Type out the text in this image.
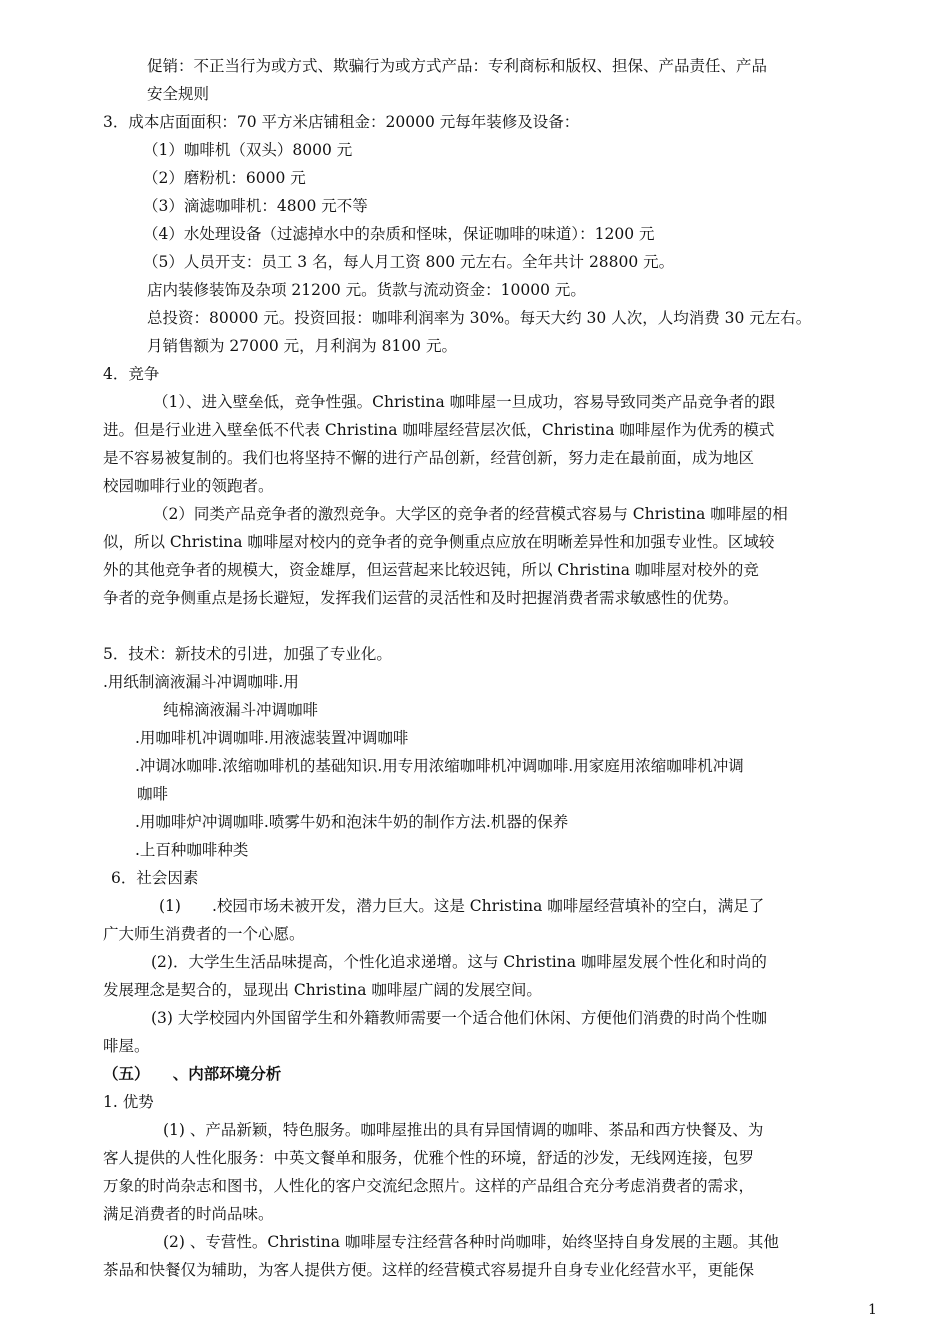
促销：不正当行为或方式、欺骗行为或方式产品：专利商标和版权、担保、产品责任、产品
安全规则
3．成本店面面积：70 平方米店铺租金：20000 元每年装修及设备：
（1）咖啡机（双头）8000 元
（2）磨粉机：6000 元
（3）滴滤咖啡机：4800 元不等
（4）水处理设备（过滤掉水中的杂质和怪味，保证咖啡的味道）：1200 元
（5）人员开支：员工 3 名，每人月工资 800 元左右。全年共计 28800 元。
店内装修装饰及杂项 21200 元。货款与流动资金：10000 元。
总投资：80000 元。投资回报：咖啡利润率为 30%。每天大约 30 人次，人均消费 30 元左右。
月销售额为 27000 元，月利润为 8100 元。
4．竞争
（1）、进入壁垒低，竞争性强。Christina 咖啡屋一旦成功，容易导致同类产品竞争者的跟
进。但是行业进入壁垒低不代表 Christina 咖啡屋经营层次低，Christina 咖啡屋作为优秀的模式
是不容易被复制的。我们也将坚持不懈的进行产品创新，经营创新，努力走在最前面，成为地区
校园咖啡行业的领跑者。
（2）同类产品竞争者的激烈竞争。大学区的竞争者的经营模式容易与 Christina 咖啡屋的相
似，所以 Christina 咖啡屋对校内的竞争者的竞争侧重点应放在明晰差异性和加强专业性。区域较
外的其他竞争者的规模大，资金雄厚，但运营起来比较迟钝，所以 Christina 咖啡屋对校外的竞
争者的竞争侧重点是扬长避短，发挥我们运营的灵活性和及时把握消费者需求敏感性的优势。
5．技术：新技术的引进，加强了专业化。
.用纸制滴液漏斗冲调咖啡.用
纯棉滴液漏斗冲调咖啡
.用咖啡机冲调咖啡.用液滤装置冲调咖啡
.冲调冰咖啡.浓缩咖啡机的基础知识.用专用浓缩咖啡机冲调咖啡.用家庭用浓缩咖啡机冲调
咖啡
.用咖啡炉冲调咖啡.喷雾牛奶和泡沫牛奶的制作方法.机器的保养
.上百种咖啡种类
6．社会因素
(1)　　.校园市场未被开发，潜力巨大。这是 Christina 咖啡屋经营填补的空白，满足了
广大师生消费者的一个心愿。
(2)．大学生生活品味提高，个性化追求递增。这与 Christina 咖啡屋发展个性化和时尚的
发展理念是契合的，显现出 Christina 咖啡屋广阔的发展空间。
(3) 大学校园内外国留学生和外籍教师需要一个适合他们休闲、方便他们消费的时尚个性咖
啡屋。
（五）　　、内部环境分析
1. 优势
(1) 、产品新颖，特色服务。咖啡屋推出的具有异国情调的咖啡、茶品和西方快餐及、为
客人提供的人性化服务：中英文餐单和服务，优雅个性的环境，舒适的沙发，无线网连接，包罗
万象的时尚杂志和图书，人性化的客户交流纪念照片。这样的产品组合充分考虑消费者的需求，
满足消费者的时尚品味。
(2) 、专营性。Christina 咖啡屋专注经营各种时尚咖啡，始终坚持自身发展的主题。其他
茶品和快餐仅为辅助，为客人提供方便。这样的经营模式容易提升自身专业化经营水平，更能保
1
